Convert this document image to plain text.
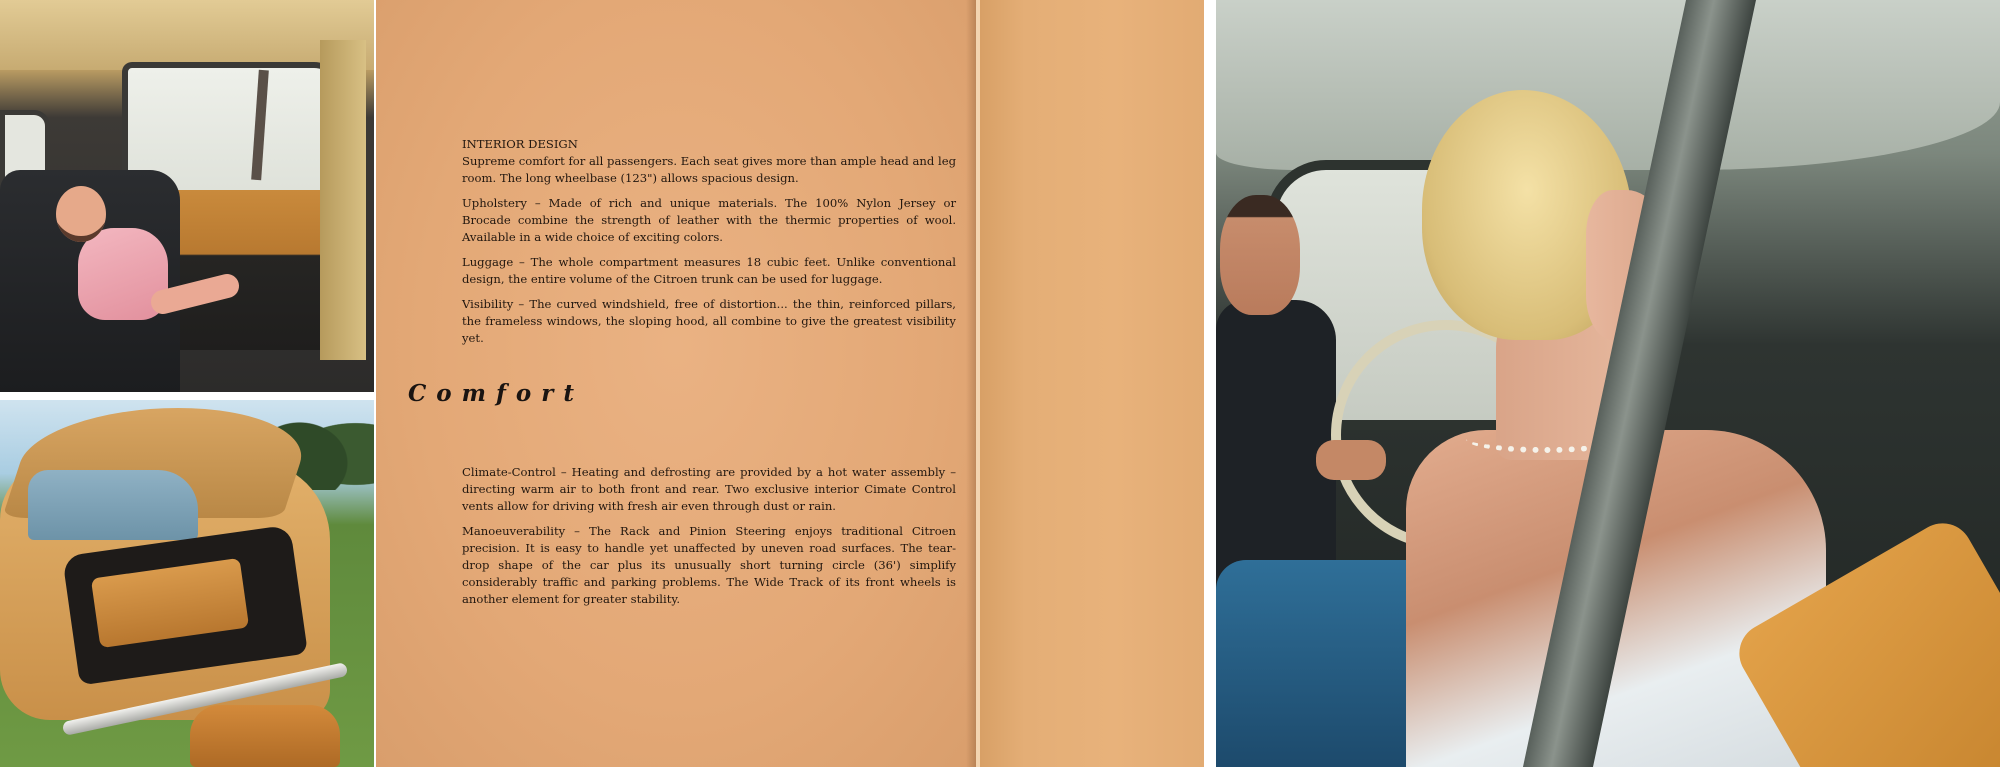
INTERIOR DESIGN
Supreme comfort for all passengers. Each seat gives more than ample head and leg room. The long wheelbase (123") allows spacious design.

Upholstery – Made of rich and unique materials. The 100% Nylon Jersey or Brocade combine the strength of leather with the thermic properties of wool. Available in a wide choice of exciting colors.

Luggage – The whole compartment measures 18 cubic feet. Unlike conventional design, the entire volume of the Citroen trunk can be used for luggage.

Visibility – The curved windshield, free of distortion... the thin, reinforced pillars, the frameless windows, the sloping hood, all combine to give the greatest visibility yet.

Comfort

Climate-Control – Heating and defrosting are provided by a hot water assembly – directing warm air to both front and rear. Two exclusive interior Cimate Control vents allow for driving with fresh air even through dust or rain.

Manoeuverability – The Rack and Pinion Steering enjoys traditional Citroen precision. It is easy to handle yet unaffected by uneven road surfaces. The tear-drop shape of the car plus its unusually short turning circle (36') simplify considerably traffic and parking problems. The Wide Track of its front wheels is another element for greater stability.
